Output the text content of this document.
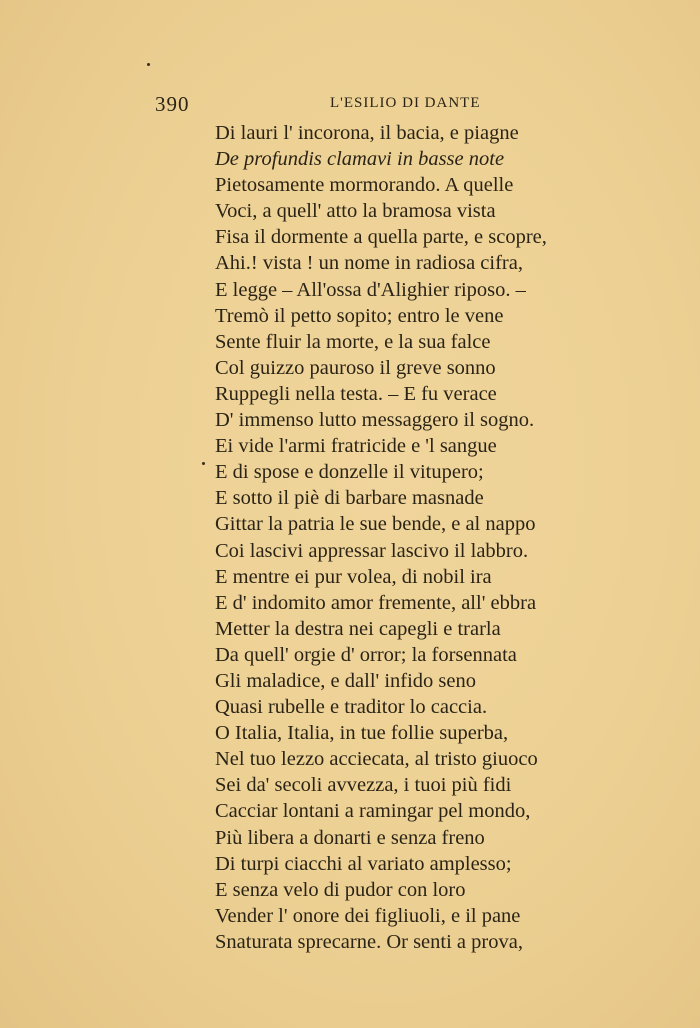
390	L'ESILIO DI DANTE
Di lauri l' incorona, il bacia, e piagne
De profundis clamavi in basse note
Pietosamente mormorando. A quelle
Voci, a quell' atto la bramosa vista
Fisa il dormente a quella parte, e scopre,
Ahi.! vista ! un nome in radiosa cifra,
E legge – All'ossa d'Alighier riposo. –
Tremò il petto sopito; entro le vene
Sente fluir la morte, e la sua falce
Col guizzo pauroso il greve sonno
Ruppegli nella testa. – E fu verace
D' immenso lutto messaggero il sogno.
Ei vide l'armi fratricide e 'l sangue
E di spose e donzelle il vitupero;
E sotto il piè di barbare masnade
Gittar la patria le sue bende, e al nappo
Coi lascivi appressar lascivo il labbro.
E mentre ei pur volea, di nobil ira
E d' indomito amor fremente, all' ebbra
Metter la destra nei capegli e trarla
Da quell' orgie d' orror; la forsennata
Gli maladice, e dall' infido seno
Quasi rubelle e traditor lo caccia.
O Italia, Italia, in tue follie superba,
Nel tuo lezzo acciecata, al tristo giuoco
Sei da' secoli avvezza, i tuoi più fidi
Cacciar lontani a ramingar pel mondo,
Più libera a donarti e senza freno
Di turpi ciacchi al variato amplesso;
E senza velo di pudor con loro
Vender l' onore dei figliuoli, e il pane
Snaturata sprecarne. Or senti a prova,
